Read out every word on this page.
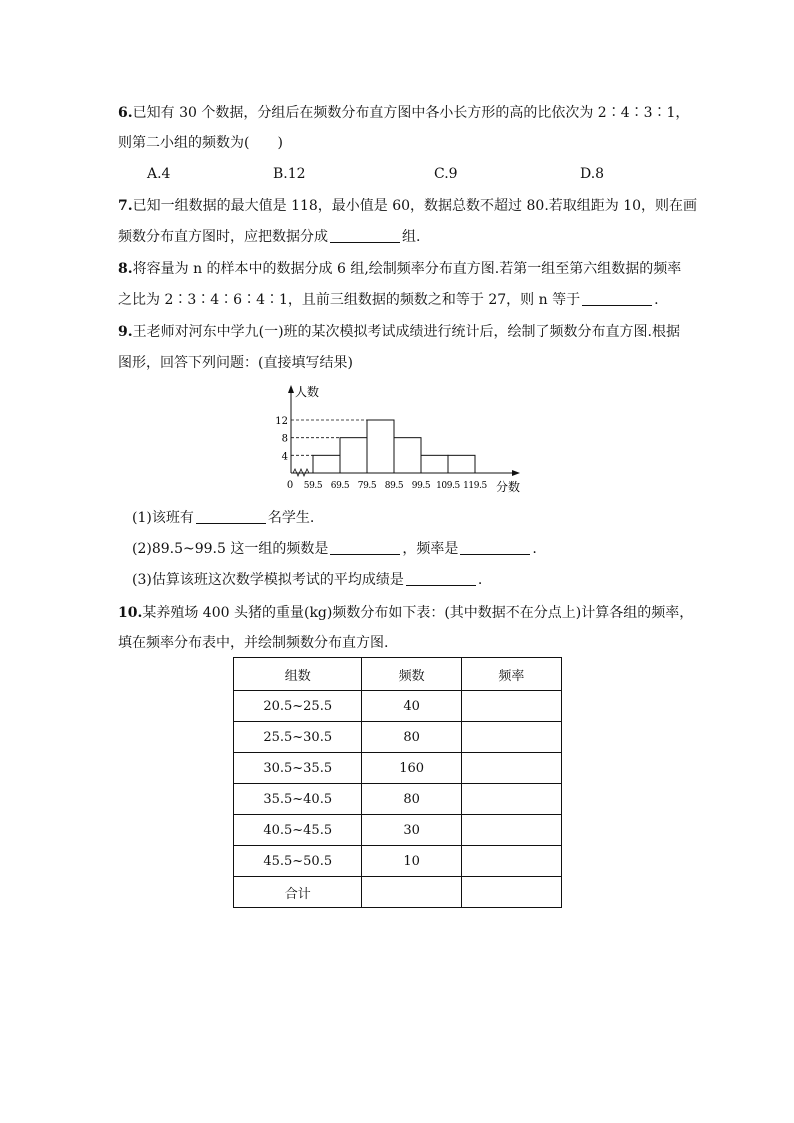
6.已知有 30 个数据，分组后在频数分布直方图中各小长方形的高的比依次为 2∶4∶3∶1，
则第二小组的频数为(　　)
A.4	B.12	C.9	D.8
7.已知一组数据的最大值是 118，最小值是 60，数据总数不超过 80.若取组距为 10，则在画
频数分布直方图时，应把数据分成	组.
8.将容量为 n 的样本中的数据分成 6 组,绘制频率分布直方图.若第一组至第六组数据的频率
之比为 2∶3∶4∶6∶4∶1，且前三组数据的频数之和等于 27，则 n 等于	.
9.王老师对河东中学九(一)班的某次模拟考试成绩进行统计后，绘制了频数分布直方图.根据
图形，回答下列问题：(直接填写结果)
4
8
12
人数
分数
0 59.5 69.5 79.5 89.5 99.5 109.5 119.5
(1)该班有	名学生.
(2)89.5~99.5 这一组的频数是	，频率是	.
(3)估算该班这次数学模拟考试的平均成绩是	.
10.某养殖场 400 头猪的重量(kg)频数分布如下表：(其中数据不在分点上)计算各组的频率，
填在频率分布表中，并绘制频数分布直方图.
组数	频数	频率
20.5~25.5	40	
25.5~30.5	80	
30.5~35.5	160	
35.5~40.5	80	
40.5~45.5	30	
45.5~50.5	10	
合计		
